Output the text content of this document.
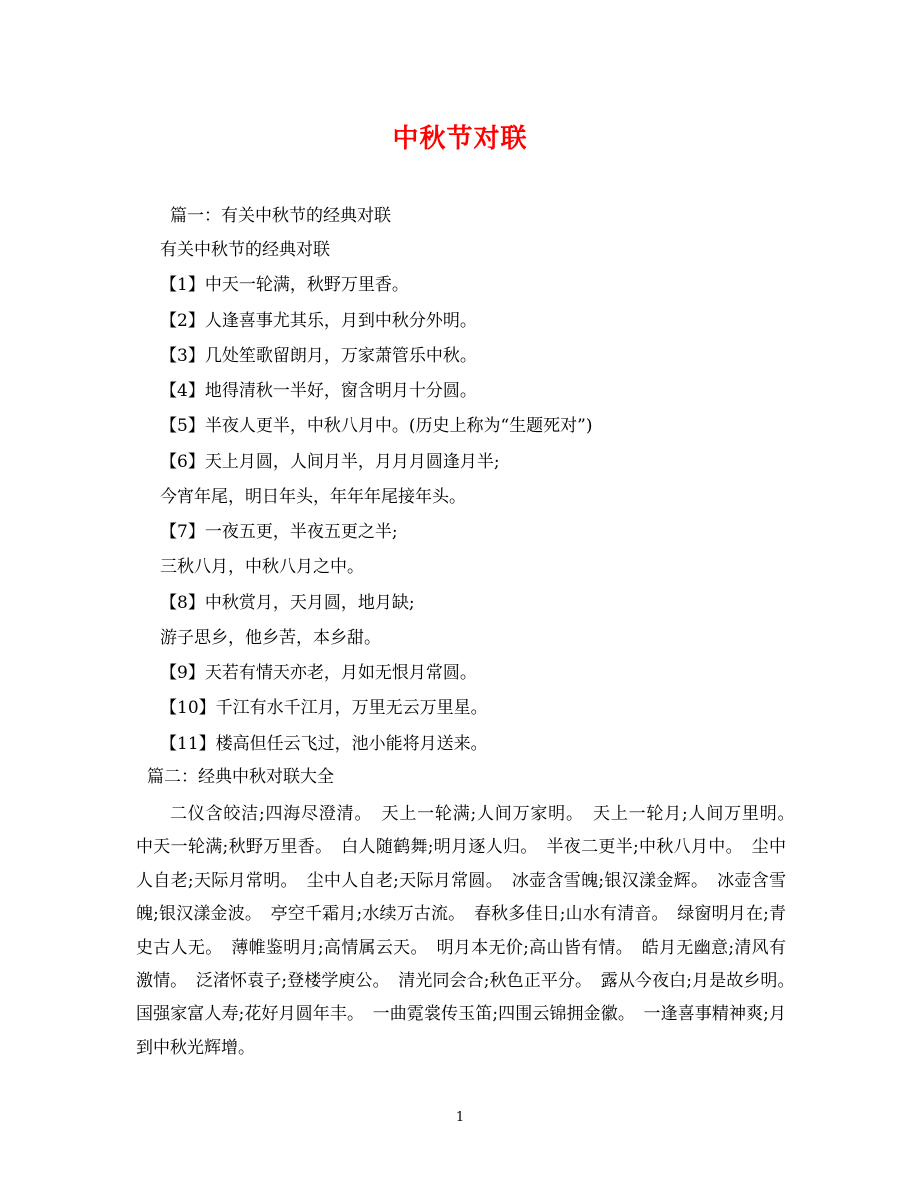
中秋节对联
篇一：有关中秋节的经典对联
有关中秋节的经典对联
【1】中天一轮满，秋野万里香。
【2】人逢喜事尤其乐，月到中秋分外明。
【3】几处笙歌留朗月，万家萧管乐中秋。
【4】地得清秋一半好，窗含明月十分圆。
【5】半夜人更半，中秋八月中。(历史上称为“生题死对”)
【6】天上月圆，人间月半，月月月圆逢月半;
今宵年尾，明日年头，年年年尾接年头。
【7】一夜五更，半夜五更之半;
三秋八月，中秋八月之中。
【8】中秋赏月，天月圆，地月缺;
游子思乡，他乡苦，本乡甜。
【9】天若有情天亦老，月如无恨月常圆。
【10】千江有水千江月，万里无云万里星。
【11】楼高但任云飞过，池小能将月送来。
篇二：经典中秋对联大全
二仪含皎洁;四海尽澄清。　天上一轮满;人间万家明。　天上一轮月;人间万里明。　中天一轮满;秋野万里香。　白人随鹤舞;明月逐人归。　半夜二更半;中秋八月中。　尘中人自老;天际月常明。　尘中人自老;天际月常圆。　冰壶含雪魄;银汉漾金辉。　冰壶含雪魄;银汉漾金波。　亭空千霜月;水续万古流。　春秋多佳日;山水有清音。　绿窗明月在;青史古人无。　薄帷鉴明月;高情属云天。　明月本无价;高山皆有情。　皓月无幽意;清风有激情。　泛渚怀袁子;登楼学庾公。　清光同会合;秋色正平分。　露从今夜白;月是故乡明。　国强家富人寿;花好月圆年丰。　一曲霓裳传玉笛;四围云锦拥金徽。　一逢喜事精神爽;月到中秋光辉增。
1
